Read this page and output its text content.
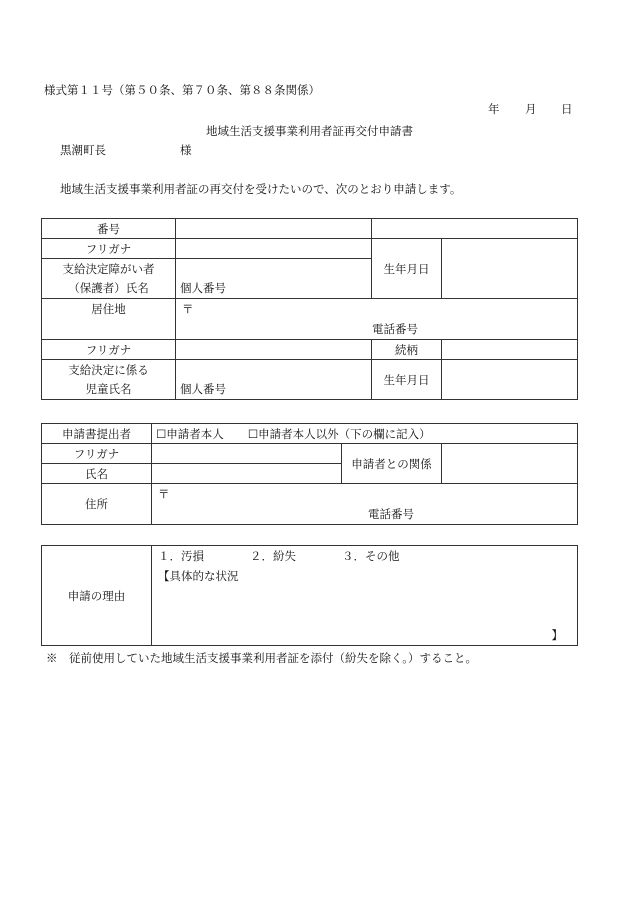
様式第１１号（第５０条、第７０条、第８８条関係）
年 月 日
地域生活支援事業利用者証再交付申請書
黒潮町長	様
地域生活支援事業利用者証の再交付を受けたいので、次のとおり申請します。
番号			
フリガナ		生年月日	
支給決定障がい者			
（保護者）氏名	個人番号		
居住地	〒
電話番号		

フリガナ		続柄	
支給決定に係る		生年月日	
児童氏名	個人番号		
申請書提出者	☐申請者本人 ☐申請者本人以外（下の欄に記入）		
フリガナ		申請者との関係	
氏名			
住所	〒
電話番号		
申請の理由	
１．汚損	２．紛失	３．その他
【具体的な状況
】
※　従前使用していた地域生活支援事業利用者証を添付（紛失を除く。）すること。
